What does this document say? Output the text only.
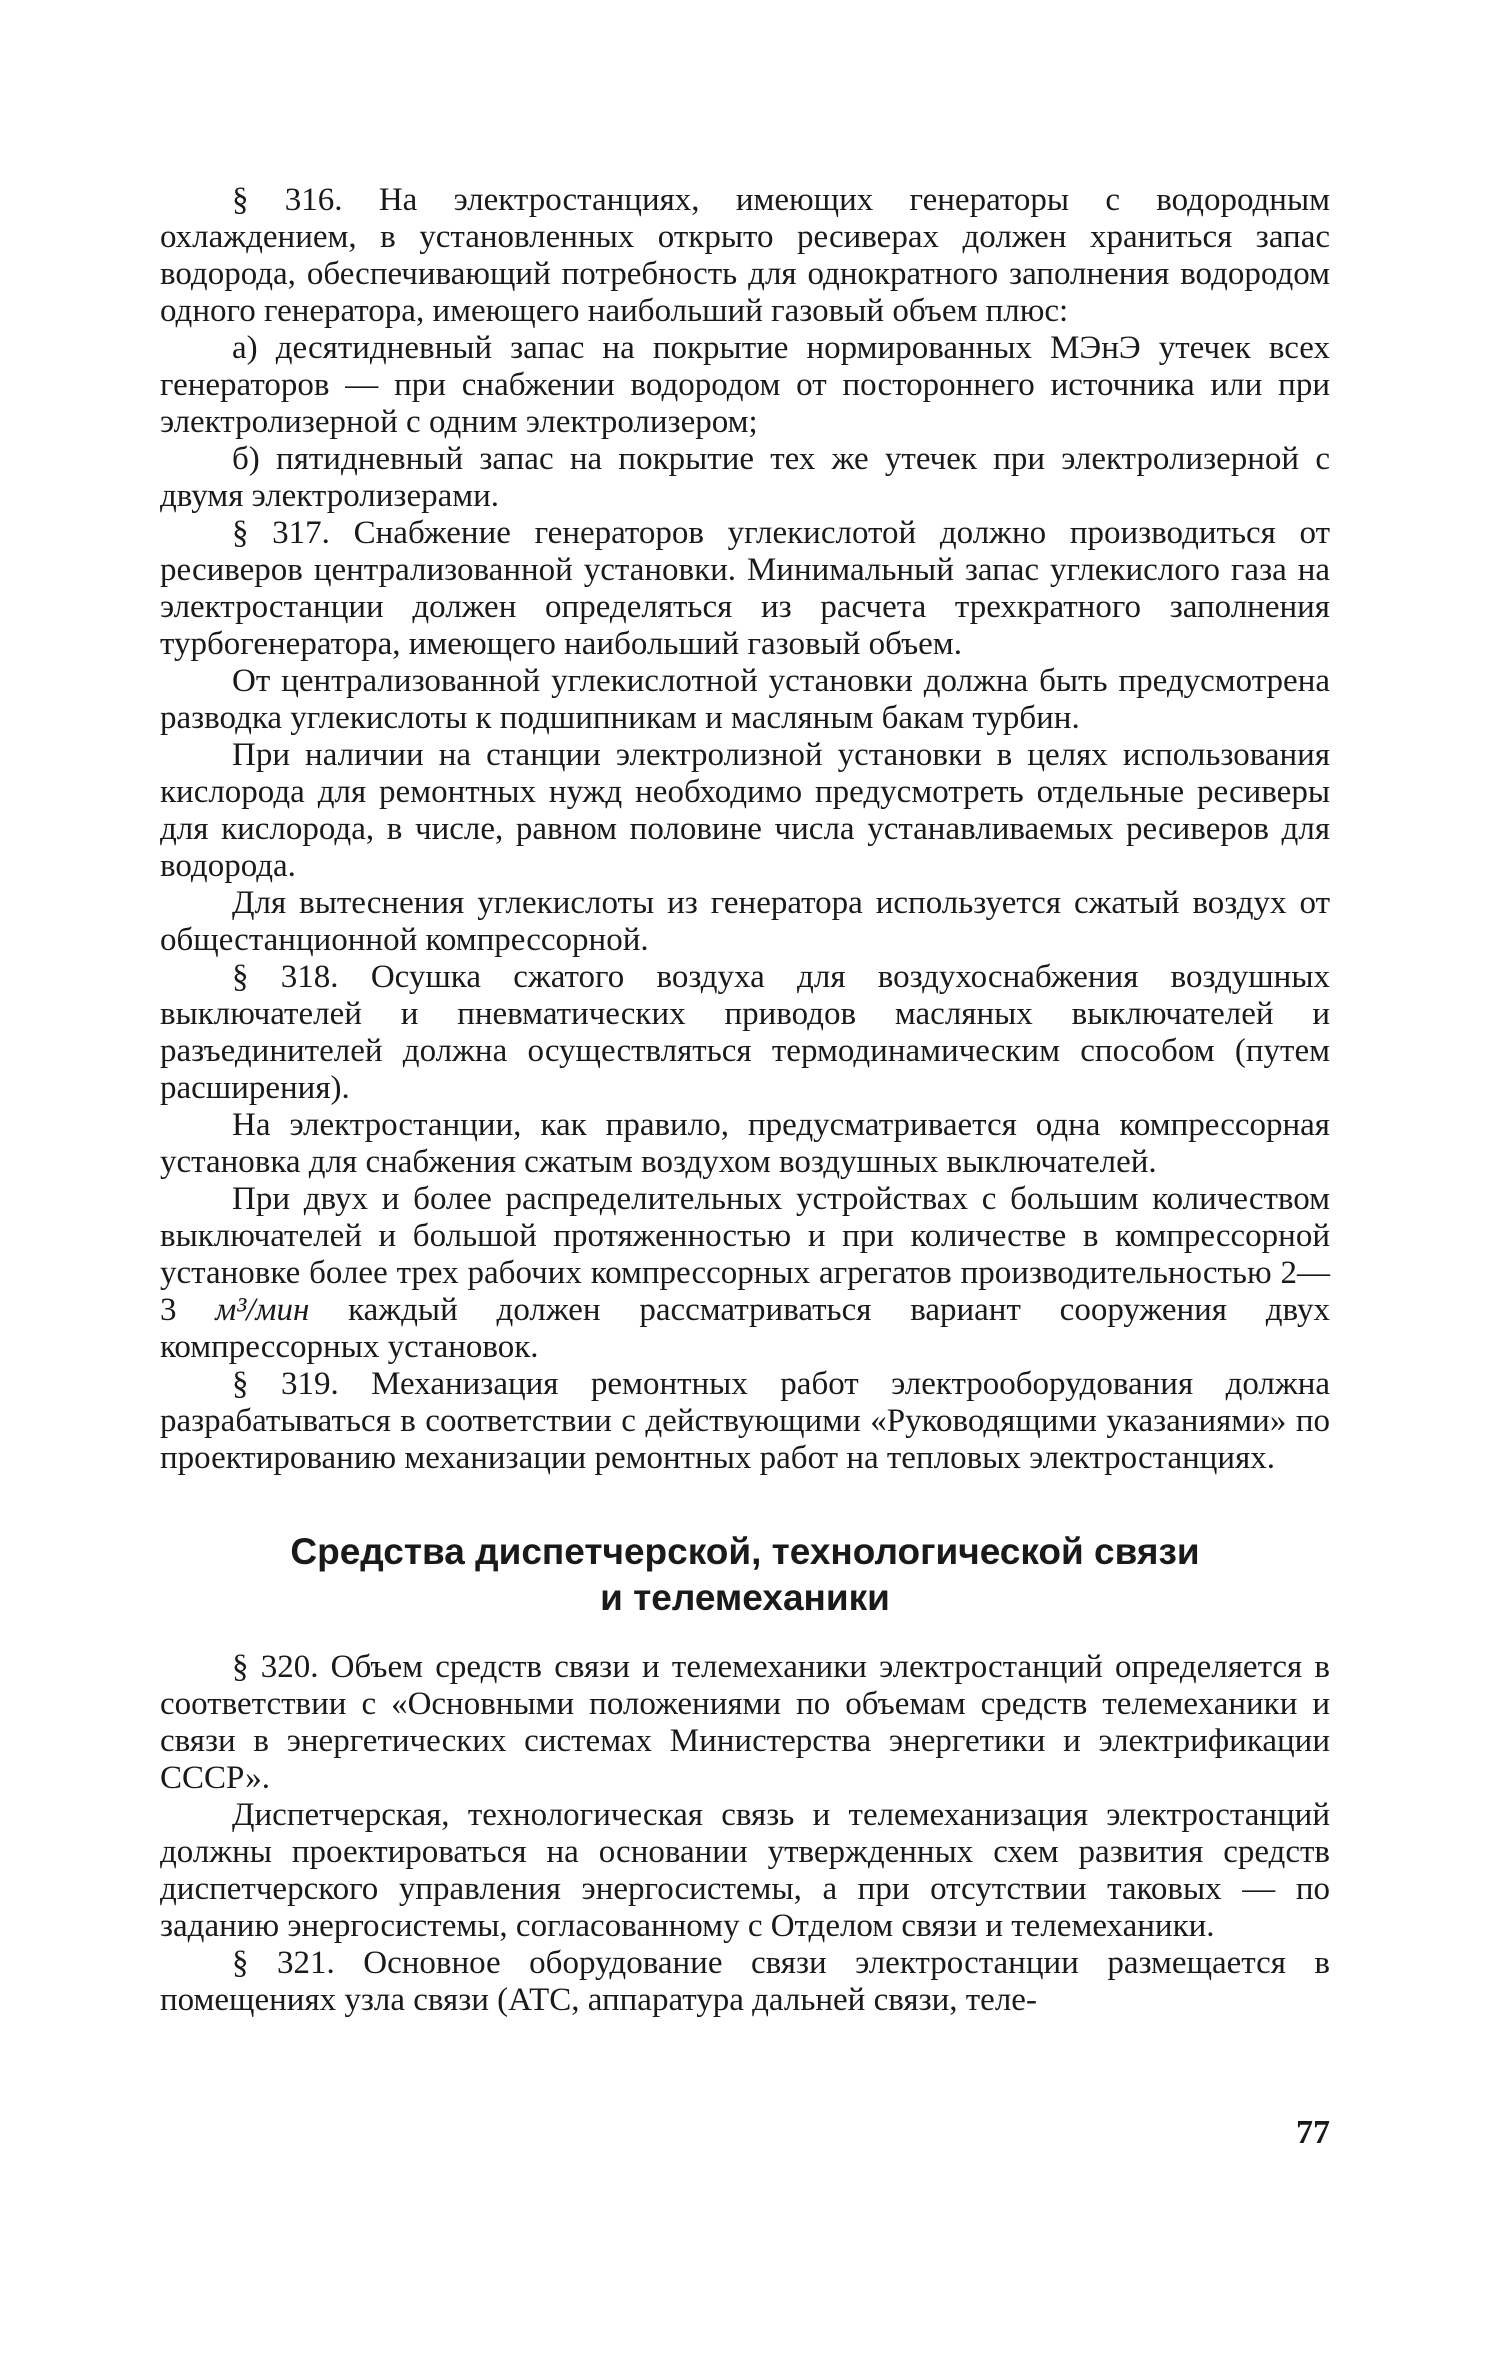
§ 316. На электростанциях, имеющих генераторы с водородным охлаждением, в установленных открыто ресиверах должен храниться запас водорода, обеспечивающий потребность для однократного заполнения водородом одного генератора, имеющего наибольший газовый объем плюс:

а) десятидневный запас на покрытие нормированных МЭнЭ утечек всех генераторов — при снабжении водородом от постороннего источника или при электролизерной с одним электролизером;

б) пятидневный запас на покрытие тех же утечек при электролизерной с двумя электролизерами.

§ 317. Снабжение генераторов углекислотой должно производиться от ресиверов централизованной установки. Минимальный запас углекислого газа на электростанции должен определяться из расчета трехкратного заполнения турбогенератора, имеющего наибольший газовый объем.

От централизованной углекислотной установки должна быть предусмотрена разводка углекислоты к подшипникам и масляным бакам турбин.

При наличии на станции электролизной установки в целях использования кислорода для ремонтных нужд необходимо предусмотреть отдельные ресиверы для кислорода, в числе, равном половине числа устанавливаемых ресиверов для водорода.

Для вытеснения углекислоты из генератора используется сжатый воздух от общестанционной компрессорной.

§ 318. Осушка сжатого воздуха для воздухоснабжения воздушных выключателей и пневматических приводов масляных выключателей и разъединителей должна осуществляться термодинамическим способом (путем расширения).

На электростанции, как правило, предусматривается одна компрессорная установка для снабжения сжатым воздухом воздушных выключателей.

При двух и более распределительных устройствах с большим количеством выключателей и большой протяженностью и при количестве в компрессорной установке более трех рабочих компрессорных агрегатов производительностью 2—3 м³/мин каждый должен рассматриваться вариант сооружения двух компрессорных установок.

§ 319. Механизация ремонтных работ электрооборудования должна разрабатываться в соответствии с действующими «Руководящими указаниями» по проектированию механизации ремонтных работ на тепловых электростанциях.

Средства диспетчерской, технологической связи
и телемеханики

§ 320. Объем средств связи и телемеханики электростанций определяется в соответствии с «Основными положениями по объемам средств телемеханики и связи в энергетических системах Министерства энергетики и электрификации СССР».

Диспетчерская, технологическая связь и телемеханизация электростанций должны проектироваться на основании утвержденных схем развития средств диспетчерского управления энергосистемы, а при отсутствии таковых — по заданию энергосистемы, согласованному с Отделом связи и телемеханики.

§ 321. Основное оборудование связи электростанции размещается в помещениях узла связи (АТС, аппаратура дальней связи, теле-

77
